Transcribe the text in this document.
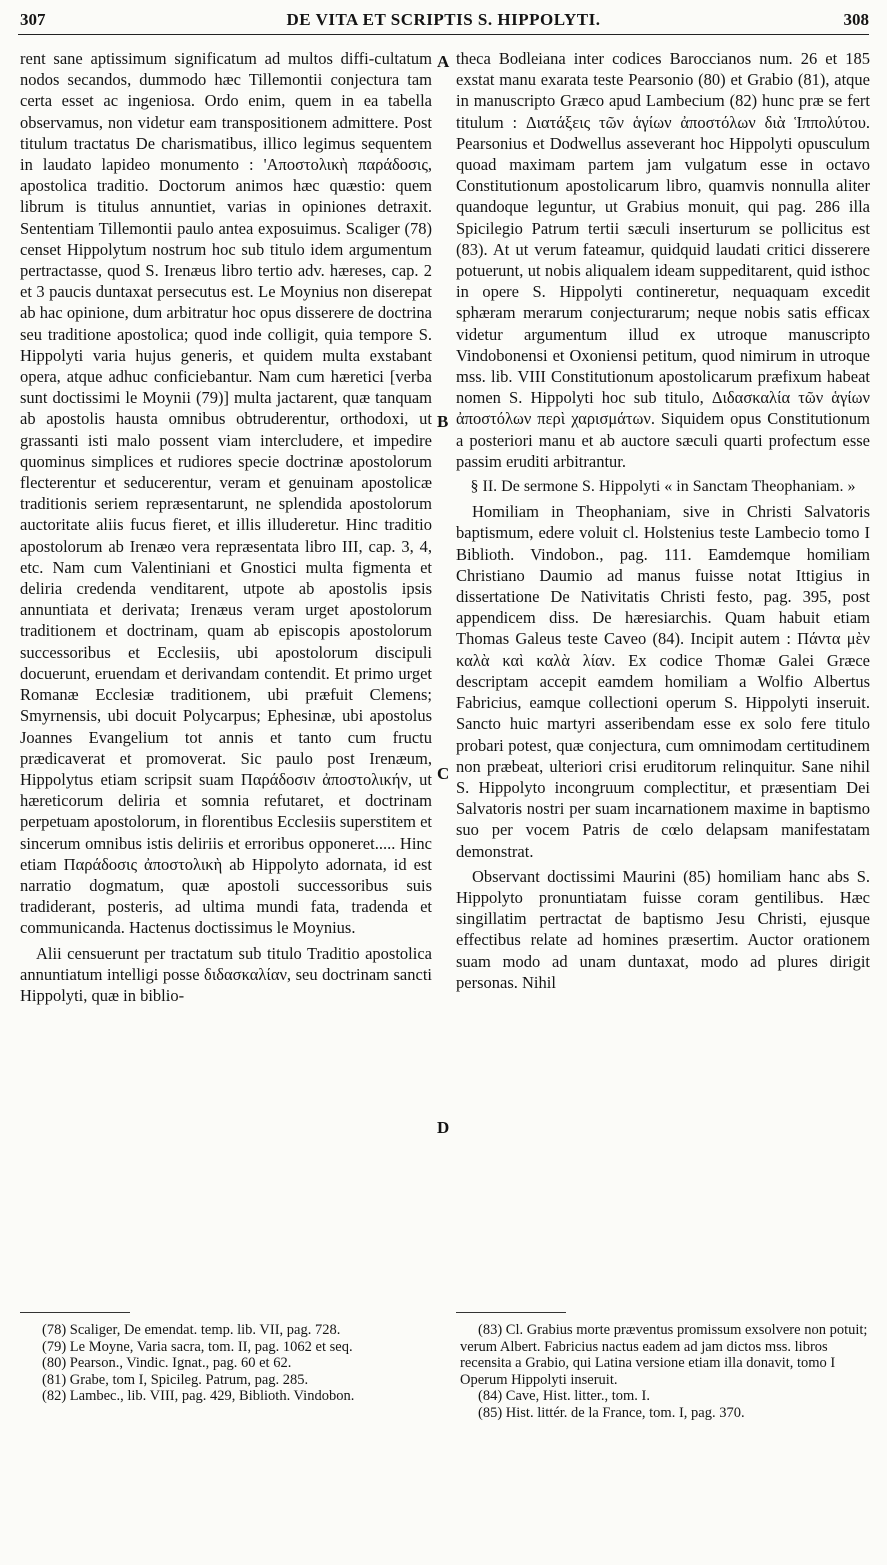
307	DE VITA ET SCRIPTIS S. HIPPOLYTI.	308

rent sane aptissimum significatum ad multos diffi-cultatum nodos secandos, dummodo hæc Tillemontii conjectura tam certa esset ac ingeniosa. Ordo enim, quem in ea tabella observamus, non videtur eam transpositionem admittere. Post titulum tractatus De charismatibus, illico legimus sequentem in laudato lapideo monumento : 'Αποστολικὴ παράδοσις, apostolica traditio. Doctorum animos hæc quæstio: quem librum is titulus annuntiet, varias in opiniones detraxit. Sententiam Tillemontii paulo antea exposuimus. Scaliger (78) censet Hippolytum nostrum hoc sub titulo idem argumentum pertractasse, quod S. Irenæus libro tertio adv. hæreses, cap. 2 et 3 paucis duntaxat persecutus est. Le Moynius non diserepat ab hac opinione, dum arbitratur hoc opus disserere de doctrina seu traditione apostolica; quod inde colligit, quia tempore S. Hippolyti varia hujus generis, et quidem multa exstabant opera, atque adhuc conficiebantur. Nam cum hæretici [verba sunt doctissimi le Moynii (79)] multa jactarent, quæ tanquam ab apostolis hausta omnibus obtruderentur, orthodoxi, ut grassanti isti malo possent viam intercludere, et impedire quominus simplices et rudiores specie doctrinæ apostolorum flecterentur et seducerentur, veram et genuinam apostolicæ traditionis seriem repræsentarunt, ne splendida apostolorum auctoritate aliis fucus fieret, et illis illuderetur. Hinc traditio apostolorum ab Irenæo vera repræsentata libro III, cap. 3, 4, etc. Nam cum Valentiniani et Gnostici multa figmenta et deliria credenda venditarent, utpote ab apostolis ipsis annuntiata et derivata; Irenæus veram urget apostolorum traditionem et doctrinam, quam ab episcopis apostolorum successoribus et Ecclesiis, ubi apostolorum discipuli docuerunt, eruendam et derivandam contendit. Et primo urget Romanæ Ecclesiæ traditionem, ubi præfuit Clemens; Smyrnensis, ubi docuit Polycarpus; Ephesinæ, ubi apostolus Joannes Evangelium tot annis et tanto cum fructu prædicaverat et promoverat. Sic paulo post Irenæum, Hippolytus etiam scripsit suam Παράδοσιν ἀποστολικήν, ut hæreticorum deliria et somnia refutaret, et doctrinam perpetuam apostolorum, in florentibus Ecclesiis superstitem et sincerum omnibus istis deliriis et erroribus opponeret..... Hinc etiam Παράδοσις ἀποστολικὴ ab Hippolyto adornata, id est narratio dogmatum, quæ apostoli successoribus suis tradiderant, posteris, ad ultima mundi fata, tradenda et communicanda. Hactenus doctissimus le Moynius.

Alii censuerunt per tractatum sub titulo Traditio apostolica annuntiatum intelligi posse διδασκαλίαν, seu doctrinam sancti Hippolyti, quæ in biblio-

A
B
C
D

theca Bodleiana inter codices Baroccianos num. 26 et 185 exstat manu exarata teste Pearsonio (80) et Grabio (81), atque in manuscripto Græco apud Lambecium (82) hunc præ se fert titulum : Διατάξεις τῶν ἁγίων ἀποστόλων διὰ Ἱππολύτου. Pearsonius et Dodwellus asseverant hoc Hippolyti opusculum quoad maximam partem jam vulgatum esse in octavo Constitutionum apostolicarum libro, quamvis nonnulla aliter quandoque leguntur, ut Grabius monuit, qui pag. 286 illa Spicilegio Patrum tertii sæculi inserturum se pollicitus est (83). At ut verum fateamur, quidquid laudati critici disserere potuerunt, ut nobis aliqualem ideam suppeditarent, quid isthoc in opere S. Hippolyti contineretur, nequaquam excedit sphæram merarum conjecturarum; neque nobis satis efficax videtur argumentum illud ex utroque manuscripto Vindobonensi et Oxoniensi petitum, quod nimirum in utroque mss. lib. VIII Constitutionum apostolicarum præfixum habeat nomen S. Hippolyti hoc sub titulo, Διδασκαλία τῶν ἁγίων ἀποστόλων περὶ χαρισμάτων. Siquidem opus Constitutionum a posteriori manu et ab auctore sæculi quarti profectum esse passim eruditi arbitrantur.

§ II. De sermone S. Hippolyti « in Sanctam Theophaniam. »

Homiliam in Theophaniam, sive in Christi Salvatoris baptismum, edere voluit cl. Holstenius teste Lambecio tomo I Biblioth. Vindobon., pag. 111. Eamdemque homiliam Christiano Daumio ad manus fuisse notat Ittigius in dissertatione De Nativitatis Christi festo, pag. 395, post appendicem diss. De hæresiarchis. Quam habuit etiam Thomas Galeus teste Caveo (84). Incipit autem : Πάντα μὲν καλὰ καὶ καλὰ λίαν. Ex codice Thomæ Galei Græce descriptam accepit eamdem homiliam a Wolfio Albertus Fabricius, eamque collectioni operum S. Hippolyti inseruit. Sancto huic martyri asseribendam esse ex solo fere titulo probari potest, quæ conjectura, cum omnimodam certitudinem non præbeat, ulteriori crisi eruditorum relinquitur. Sane nihil S. Hippolyto incongruum complectitur, et præsentiam Dei Salvatoris nostri per suam incarnationem maxime in baptismo suo per vocem Patris de cœlo delapsam manifestatam demonstrat.

Observant doctissimi Maurini (85) homiliam hanc abs S. Hippolyto pronuntiatam fuisse coram gentilibus. Hæc singillatim pertractat de baptismo Jesu Christi, ejusque effectibus relate ad homines præsertim. Auctor orationem suam modo ad unam duntaxat, modo ad plures dirigit personas. Nihil

(78) Scaliger, De emendat. temp. lib. VII, pag. 728.

(79) Le Moyne, Varia sacra, tom. II, pag. 1062 et seq.

(80) Pearson., Vindic. Ignat., pag. 60 et 62.

(81) Grabe, tom I, Spicileg. Patrum, pag. 285.

(82) Lambec., lib. VIII, pag. 429, Biblioth. Vindobon.

(83) Cl. Grabius morte præventus promissum exsolvere non potuit; verum Albert. Fabricius nactus eadem ad jam dictos mss. libros recensita a Grabio, qui Latina versione etiam illa donavit, tomo I Operum Hippolyti inseruit.

(84) Cave, Hist. litter., tom. I.

(85) Hist. littér. de la France, tom. I, pag. 370.
